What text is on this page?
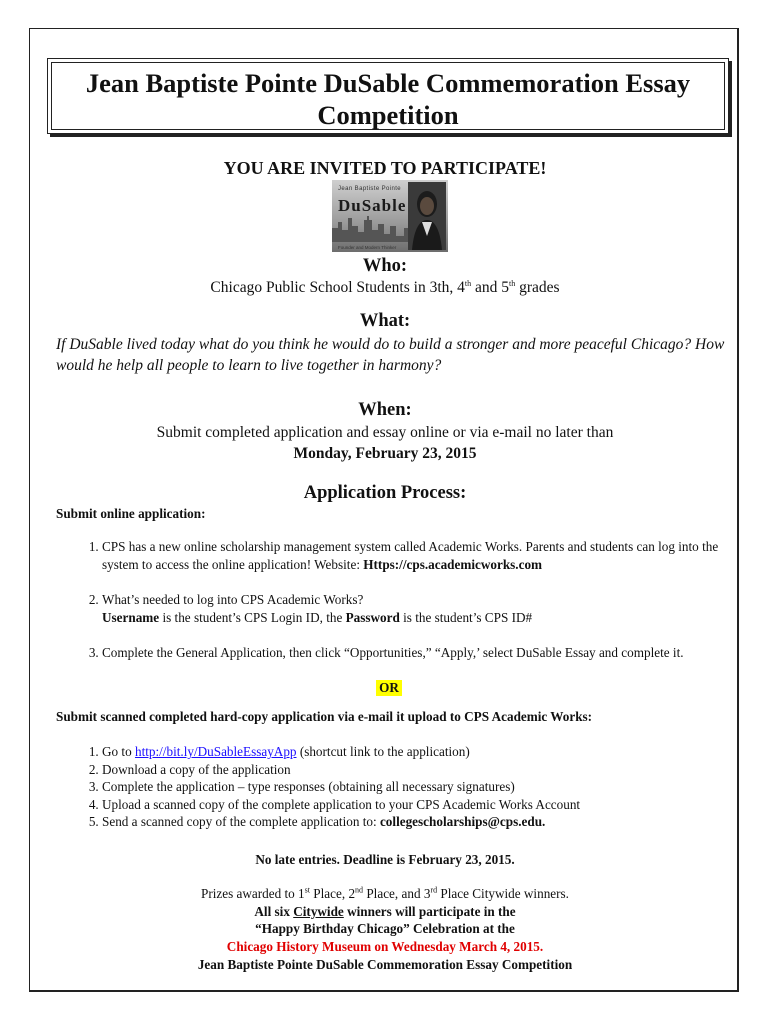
Jean Baptiste Pointe DuSable Commemoration Essay Competition
YOU ARE INVITED TO PARTICIPATE!
Jean Baptiste Pointe
DuSable
Founder and Modern Thinker
Who:
Chicago Public School Students in 3th, 4th and 5th grades
What:
If DuSable lived today what do you think he would do to build a stronger and more peaceful Chicago? How would he help all people to learn to live together in harmony?
When:
Submit completed application and essay online or via e-mail no later than
Monday, February 23, 2015
Application Process:
Submit online application:
1. CPS has a new online scholarship management system called Academic Works. Parents and students can log into the system to access the online application! Website: Https://cps.academicworks.com
2. What’s needed to log into CPS Academic Works?
Username is the student’s CPS Login ID, the Password is the student’s CPS ID#
3. Complete the General Application, then click “Opportunities,” “Apply,’ select DuSable Essay and complete it.
OR
Submit scanned completed hard-copy application via e-mail it upload to CPS Academic Works:
1. Go to http://bit.ly/DuSableEssayApp (shortcut link to the application)
2. Download a copy of the application
3. Complete the application – type responses (obtaining all necessary signatures)
4. Upload a scanned copy of the complete application to your CPS Academic Works Account
5. Send a scanned copy of the complete application to: collegescholarships@cps.edu.
No late entries. Deadline is February 23, 2015.
Prizes awarded to 1st Place, 2nd Place, and 3rd Place Citywide winners.
All six Citywide winners will participate in the
“Happy Birthday Chicago” Celebration at the
Chicago History Museum on Wednesday March 4, 2015.
Jean Baptiste Pointe DuSable Commemoration Essay Competition
